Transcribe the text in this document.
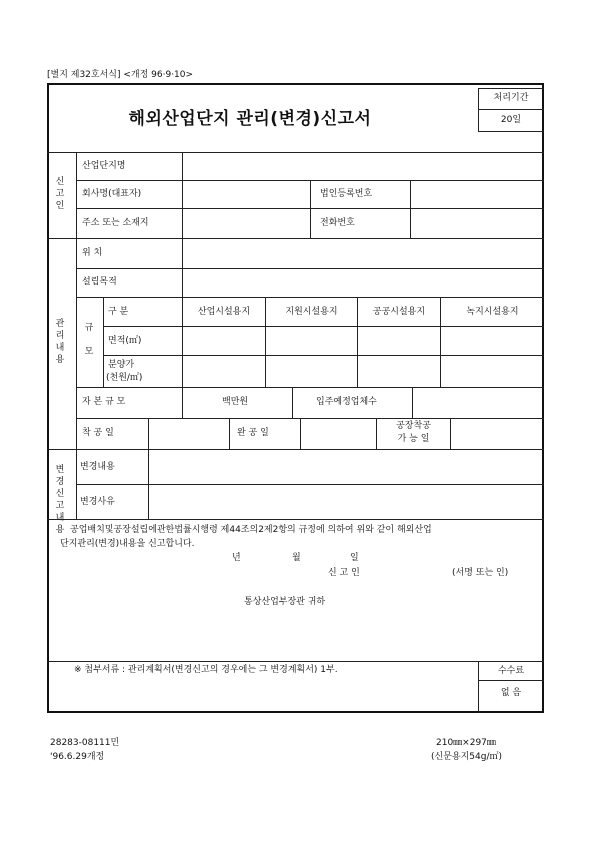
[별지 제32호서식] <개정 96·9·10>
처리기간
20일
해외산업단지 관리(변경)신고서
신
고
인
산업단지명
회사명(대표자)	법인등록번호
주소 또는 소재지	전화번호
관
리
내
용
위 치
설립목적
규

모
구 분	산업시설용지	지원시설용지	공공시설용지	녹지시설용지
면적(㎡)
분양가
(천원/㎡)
자 본 규 모	백만원	입주예정업체수
착 공 일	완 공 일
공장착공
가 능 일
변경
신고
내용
변경내용
변경사유
공업배치및공장설립에관한법률시행령 제44조의2제2항의 규정에 의하여 위와 같이 해외산업
단지관리(변경)내용을 신고합니다.
년	월	일
신 고 인	(서명 또는 인)
통상산업부장관 귀하
※ 첨부서류 : 관리계획서(변경신고의 경우에는 그 변경계획서) 1부.	수수료
없 음
28283-08111민
'96.6.29개정
210㎜×297㎜
(신문용지54g/㎡)
